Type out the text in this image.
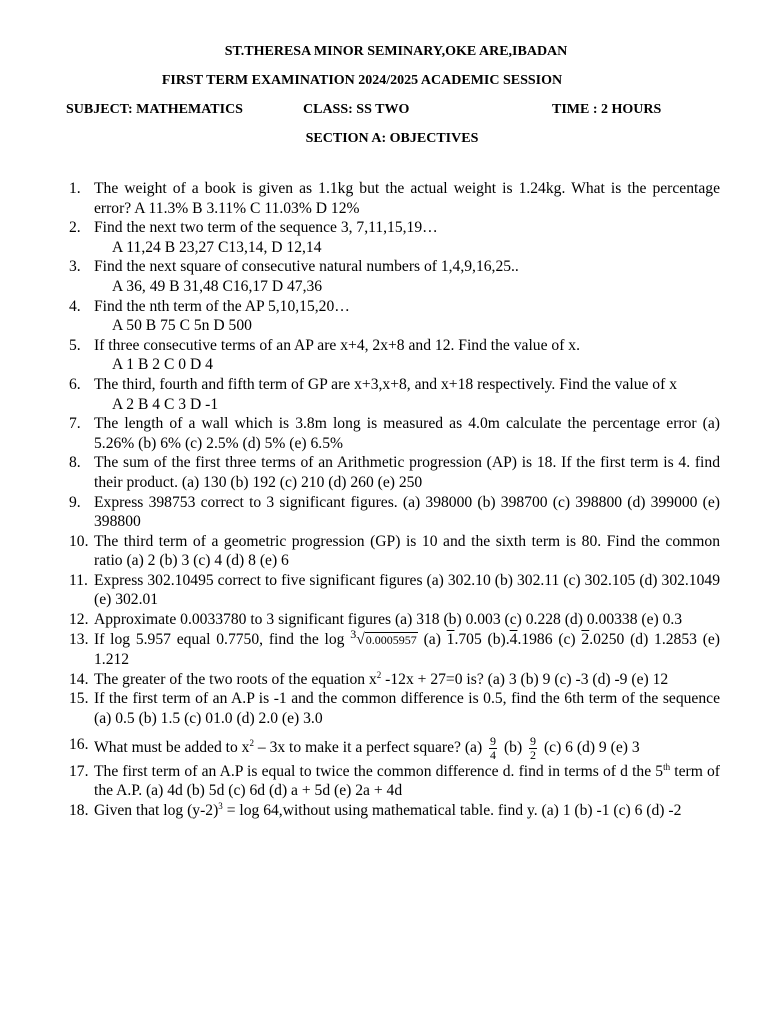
ST.THERESA MINOR SEMINARY,OKE ARE,IBADAN
FIRST TERM EXAMINATION 2024/2025 ACADEMIC SESSION
SUBJECT: MATHEMATICS	CLASS: SS TWO	TIME : 2 HOURS
SECTION A: OBJECTIVES
1. The weight of a book is given as 1.1kg but the actual weight is 1.24kg. What is the percentage error? A 11.3% B 3.11% C 11.03% D 12%
2. Find the next two term of the sequence 3, 7,11,15,19…
A 11,24 B 23,27 C13,14, D 12,14
3. Find the next square of consecutive natural numbers of 1,4,9,16,25..
A 36, 49 B 31,48 C16,17 D 47,36
4. Find the nth term of the AP 5,10,15,20…
A 50 B 75 C 5n D 500
5. If three consecutive terms of an AP are x+4, 2x+8 and 12. Find the value of x.
A 1 B 2 C 0 D 4
6. The third, fourth and fifth term of GP are x+3,x+8, and x+18 respectively. Find the value of x
A 2 B 4 C 3 D -1
7. The length of a wall which is 3.8m long is measured as 4.0m calculate the percentage error (a) 5.26% (b) 6% (c) 2.5% (d) 5% (e) 6.5%
8. The sum of the first three terms of an Arithmetic progression (AP) is 18. If the first term is 4. find their product. (a) 130 (b) 192 (c) 210 (d) 260 (e) 250
9. Express 398753 correct to 3 significant figures. (a) 398000 (b) 398700 (c) 398800 (d) 399000 (e) 398800
10. The third term of a geometric progression (GP) is 10 and the sixth term is 80. Find the common ratio (a) 2 (b) 3 (c) 4 (d) 8 (e) 6
11. Express 302.10495 correct to five significant figures (a) 302.10 (b) 302.11 (c) 302.105 (d) 302.1049 (e) 302.01
12. Approximate 0.0033780 to 3 significant figures (a) 318 (b) 0.003 (c) 0.228 (d) 0.00338 (e) 0.3
13. If log 5.957 equal 0.7750, find the log $^3$√0.0005957 (a) 1.705 (b).4.1986 (c) 2.0250 (d) 1.2853 (e) 1.212
14. The greater of the two roots of the equation $x^2$ -12x + 27=0 is? (a) 3 (b) 9 (c) -3 (d) -9 (e) 12
15. If the first term of an A.P is -1 and the common difference is 0.5, find the 6th term of the sequence (a) 0.5 (b) 1.5 (c) 01.0 (d) 2.0 (e) 3.0
16. What must be added to $x^2 - 3x$ to make it a perfect square? $(a) \frac{9}{4} (b) \frac{9}{2} (c)$ 6 (d) 9 (e) 3
17. The first term of an A.P is equal to twice the common difference d. find in terms of d the 5th term of the A.P. (a) 4d (b) 5d (c) 6d (d) a + 5d (e) 2a + 4d
18. Given that $\log (y-2)^3 = \log$ 64,without using mathematical table. find y. (a) 1 (b) -1 (c) 6 (d) -2
